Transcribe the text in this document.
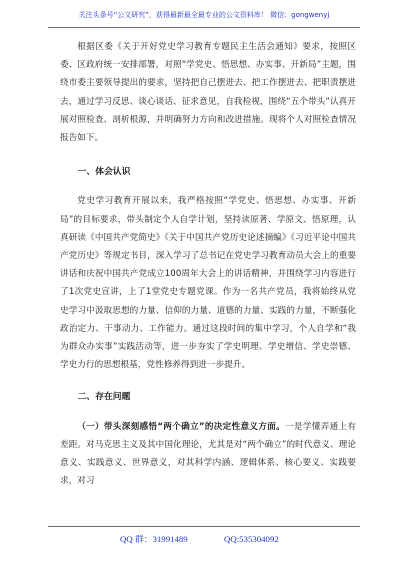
关注头条号“公文研究”，获得最新最全最专业的公文资料库！ 微信：gongwenyj

根据区委《关于开好党史学习教育专题民主生活会通知》要求，按照区委、区政府统一安排部署，对照“学党史、悟思想、办实事、开新局”主题，围绕市委主要领导提出的要求，坚持把自己摆进去、把工作摆进去、把职责摆进去，通过学习反思、谈心谈话、征求意见，自我检视，围绕“五个带头”认真开展对照检查、剖析根源，并明确努力方向和改进措施。现将个人对照检查情况报告如下。

一、体会认识

党史学习教育开展以来，我严格按照“学党史、悟思想、办实事、开新局”的目标要求，带头制定个人自学计划，坚持读原著、学原文、悟原理，认真研读《中国共产党简史》《关于中国共产党历史论述摘编》《习近平论中国共产党历史》等规定书目，深入学习了总书记在党史学习教育动员大会上的重要讲话和庆祝中国共产党成立100周年大会上的讲话精神，并围绕学习内容进行了1次党史宣讲，上了1堂党史专题党课。作为一名共产党员，我将始终从党史学习中汲取思想的力量、信仰的力量、道德的力量、实践的力量，不断强化政治定力、干事动力、工作能力。通过这段时间的集中学习，个人自学和“我为群众办实事”实践活动等，进一步夯实了学史明理、学史增信、学史崇德、学史力行的思想根基，党性修养得到进一步提升。

二、存在问题

（一）带头深刻感悟“两个确立”的决定性意义方面。一是学懂弄通上有差距。对马克思主义及其中国化理论，尤其是对“两个确立”的时代意义、理论意义、实践意义、世界意义，对其科学内涵、逻辑体系、核心要义、实践要求，对习

QQ 群：31991489	QQ:535304092
